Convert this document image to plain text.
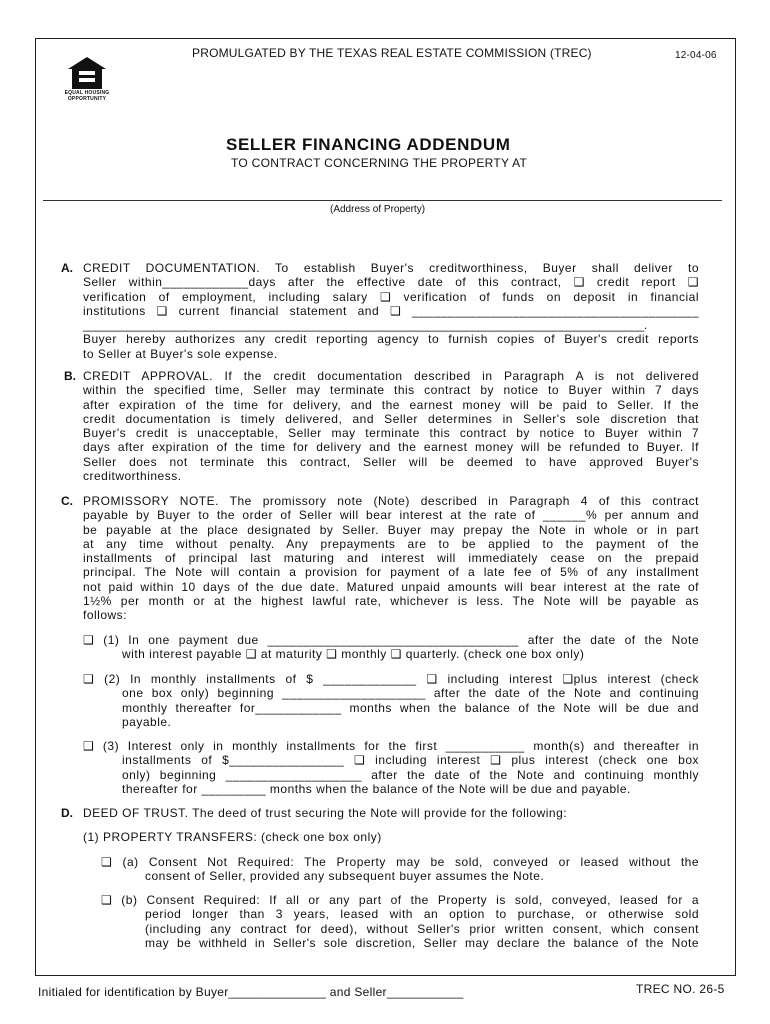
PROMULGATED BY THE TEXAS REAL ESTATE COMMISSION (TREC)	12-04-06
EQUAL HOUSING
OPPORTUNITY
SELLER FINANCING ADDENDUM
TO CONTRACT CONCERNING THE PROPERTY AT
(Address of Property)
A. CREDIT DOCUMENTATION. To establish Buyer's creditworthiness, Buyer shall deliver to

Seller within____________days after the effective date of this contract, ❑ credit report ❑

verification of employment, including salary ❑ verification of funds on deposit in financial

institutions ❑ current financial statement and ❑ ________________________________________

________________________________________________________________________________________.

Buyer hereby authorizes any credit reporting agency to furnish copies of Buyer's credit reports

to Seller at Buyer's sole expense.

B. CREDIT APPROVAL. If the credit documentation described in Paragraph A is not delivered

within the specified time, Seller may terminate this contract by notice to Buyer within 7 days

after expiration of the time for delivery, and the earnest money will be paid to Seller. If the

credit documentation is timely delivered, and Seller determines in Seller's sole discretion that

Buyer's credit is unacceptable, Seller may terminate this contract by notice to Buyer within 7

days after expiration of the time for delivery and the earnest money will be refunded to Buyer. If

Seller does not terminate this contract, Seller will be deemed to have approved Buyer's

creditworthiness.

C. PROMISSORY NOTE. The promissory note (Note) described in Paragraph 4 of this contract

payable by Buyer to the order of Seller will bear interest at the rate of ______% per annum and

be payable at the place designated by Seller. Buyer may prepay the Note in whole or in part

at any time without penalty. Any prepayments are to be applied to the payment of the

installments of principal last maturing and interest will immediately cease on the prepaid

principal. The Note will contain a provision for payment of a late fee of 5% of any installment

not paid within 10 days of the due date. Matured unpaid amounts will bear interest at the rate of

1½% per month or at the highest lawful rate, whichever is less. The Note will be payable as

follows:

❑ (1) In one payment due ___________________________________ after the date of the Note

with interest payable ❑ at maturity ❑ monthly ❑ quarterly. (check one box only)

❑ (2) In monthly installments of $ _____________ ❑ including interest ❑plus interest (check

one box only) beginning ____________________ after the date of the Note and continuing

monthly thereafter for____________ months when the balance of the Note will be due and

payable.

❑ (3) Interest only in monthly installments for the first ___________ month(s) and thereafter in

installments of $________________ ❑ including interest ❑ plus interest (check one box

only) beginning ___________________ after the date of the Note and continuing monthly

thereafter for _________ months when the balance of the Note will be due and payable.

D. DEED OF TRUST. The deed of trust securing the Note will provide for the following:
(1) PROPERTY TRANSFERS: (check one box only)

❑ (a) Consent Not Required: The Property may be sold, conveyed or leased without the

consent of Seller, provided any subsequent buyer assumes the Note.

❑ (b) Consent Required: If all or any part of the Property is sold, conveyed, leased for a

period longer than 3 years, leased with an option to purchase, or otherwise sold

(including any contract for deed), without Seller's prior written consent, which consent

may be withheld in Seller's sole discretion, Seller may declare the balance of the Note

Initialed for identification by Buyer______________ and Seller___________	TREC NO. 26-5
